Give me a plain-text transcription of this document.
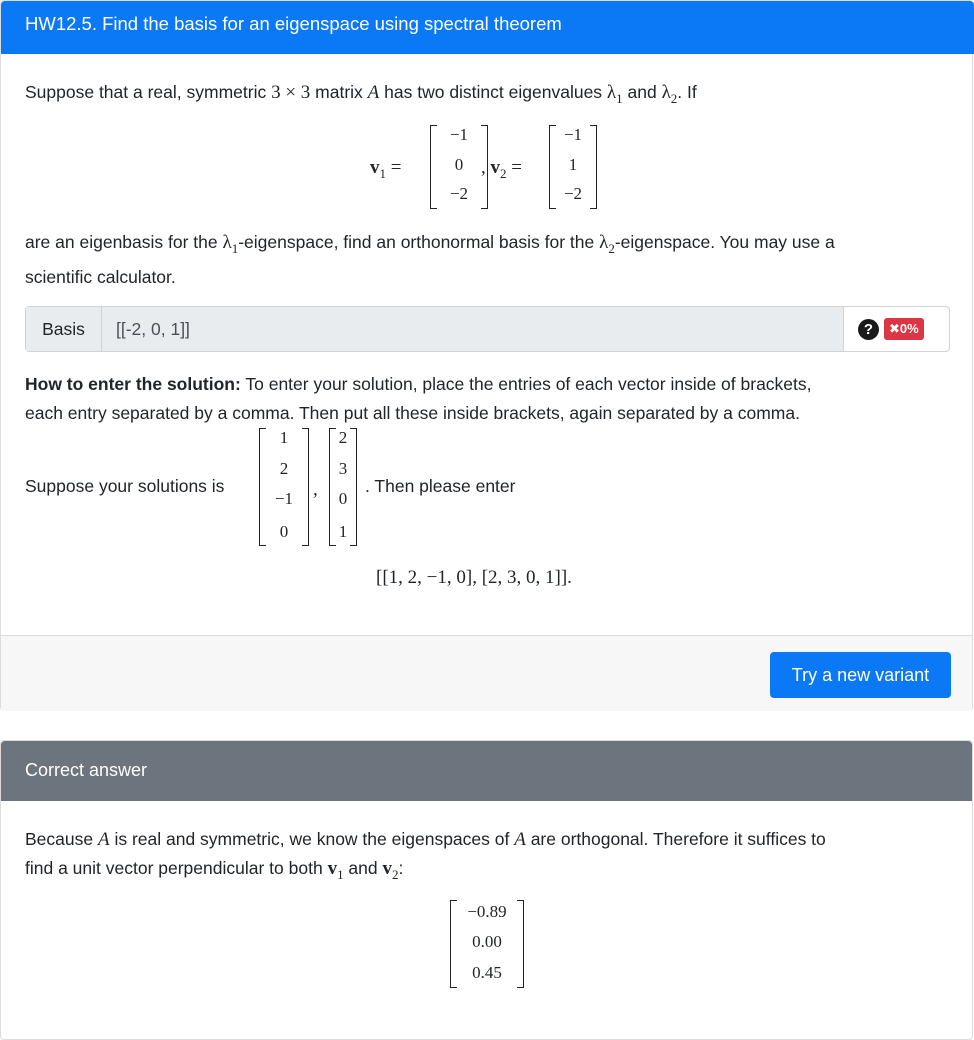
HW12.5. Find the basis for an eigenspace using spectral theorem
Suppose that a real, symmetric 3 × 3 matrix A has two distinct eigenvalues $\lambda_1$ and $\lambda_2$. If
$v_1$ =
−1
0
−2
, $v_2$ =
−1
1
−2
are an eigenbasis for the $\lambda_1$-eigenspace, find an orthonormal basis for the $\lambda_2$-eigenspace. You may use a
scientific calculator.
Basis
[[-2, 0, 1]]	?	✖0%
How to enter the solution: To enter your solution, place the entries of each vector inside of brackets,
each entry separated by a comma. Then put all these inside brackets, again separated by a comma.
Suppose your solutions is
1
2
−1
0
,
2
3
0
1
. Then please enter
[[1, 2, −1, 0], [2, 3, 0, 1]].
Try a new variant
Correct answer
Because A is real and symmetric, we know the eigenspaces of A are orthogonal. Therefore it suffices to
find a unit vector perpendicular to both $v_1$ and $v_2$:
−0.89
0.00
0.45
